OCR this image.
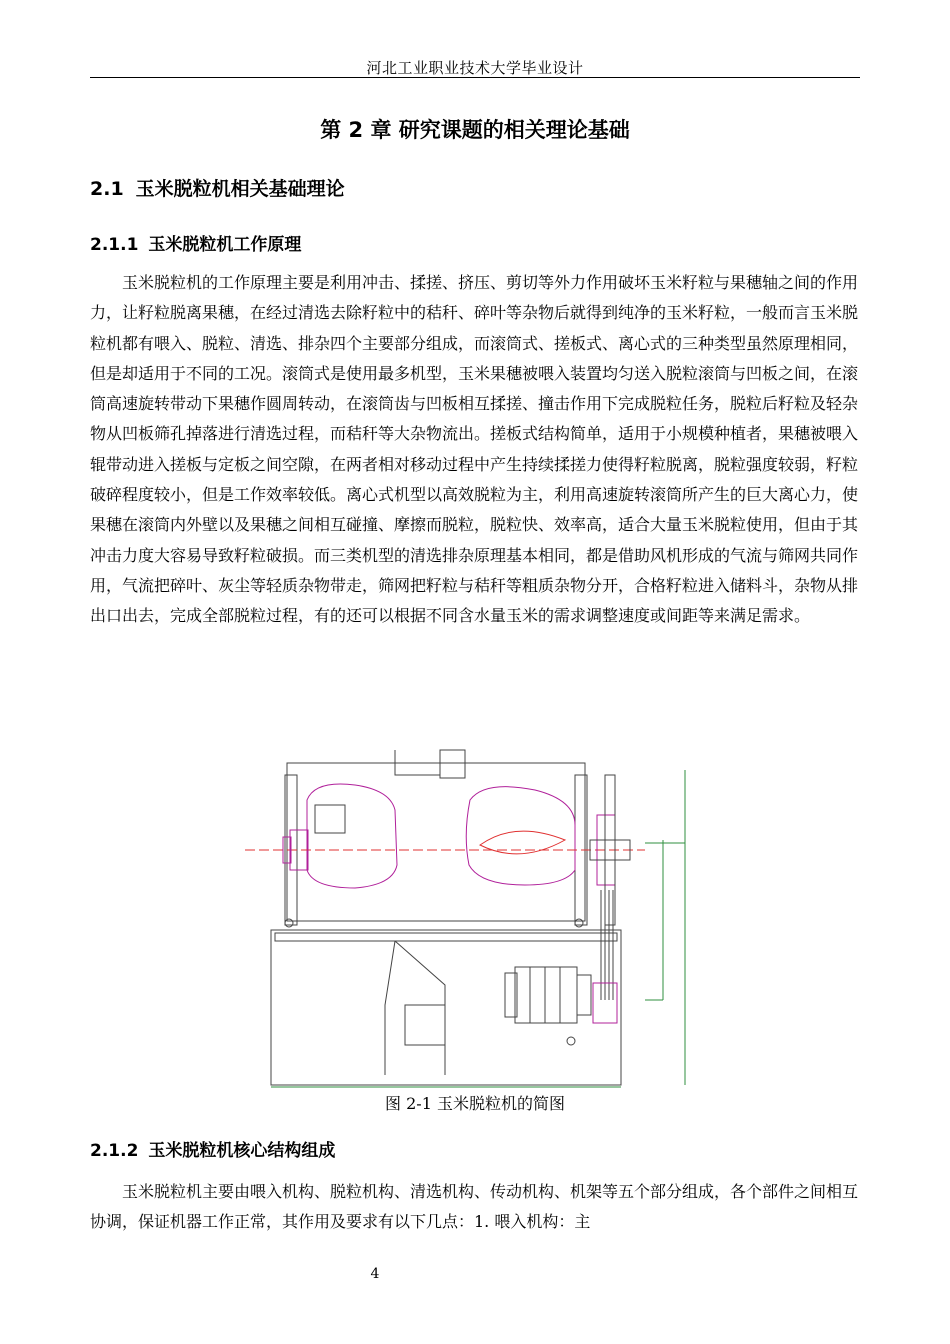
河北工业职业技术大学毕业设计
第 2 章 研究课题的相关理论基础
2.1 玉米脱粒机相关基础理论
2.1.1 玉米脱粒机工作原理

玉米脱粒机的工作原理主要是利用冲击、揉搓、挤压、剪切等外力作用破坏玉米籽粒与果穗轴之间的作用力，让籽粒脱离果穗，在经过清选去除籽粒中的秸秆、碎叶等杂物后就得到纯净的玉米籽粒，一般而言玉米脱粒机都有喂入、脱粒、清选、排杂四个主要部分组成，而滚筒式、搓板式、离心式的三种类型虽然原理相同，但是却适用于不同的工况。滚筒式是使用最多机型，玉米果穗被喂入装置均匀送入脱粒滚筒与凹板之间，在滚筒高速旋转带动下果穗作圆周转动，在滚筒齿与凹板相互揉搓、撞击作用下完成脱粒任务，脱粒后籽粒及轻杂物从凹板筛孔掉落进行清选过程，而秸秆等大杂物流出。搓板式结构简单，适用于小规模种植者，果穗被喂入辊带动进入搓板与定板之间空隙，在两者相对移动过程中产生持续揉搓力使得籽粒脱离，脱粒强度较弱，籽粒破碎程度较小，但是工作效率较低。离心式机型以高效脱粒为主，利用高速旋转滚筒所产生的巨大离心力，使果穗在滚筒内外壁以及果穗之间相互碰撞、摩擦而脱粒，脱粒快、效率高，适合大量玉米脱粒使用，但由于其冲击力度大容易导致籽粒破损。而三类机型的清选排杂原理基本相同，都是借助风机形成的气流与筛网共同作用，气流把碎叶、灰尘等轻质杂物带走，筛网把籽粒与秸秆等粗质杂物分开，合格籽粒进入储料斗，杂物从排出口出去，完成全部脱粒过程，有的还可以根据不同含水量玉米的需求调整速度或间距等来满足需求。

图 2-1 玉米脱粒机的简图
2.1.2 玉米脱粒机核心结构组成

玉米脱粒机主要由喂入机构、脱粒机构、清选机构、传动机构、机架等五个部分组成，各个部件之间相互协调，保证机器工作正常，其作用及要求有以下几点：1. 喂入机构：主

4
